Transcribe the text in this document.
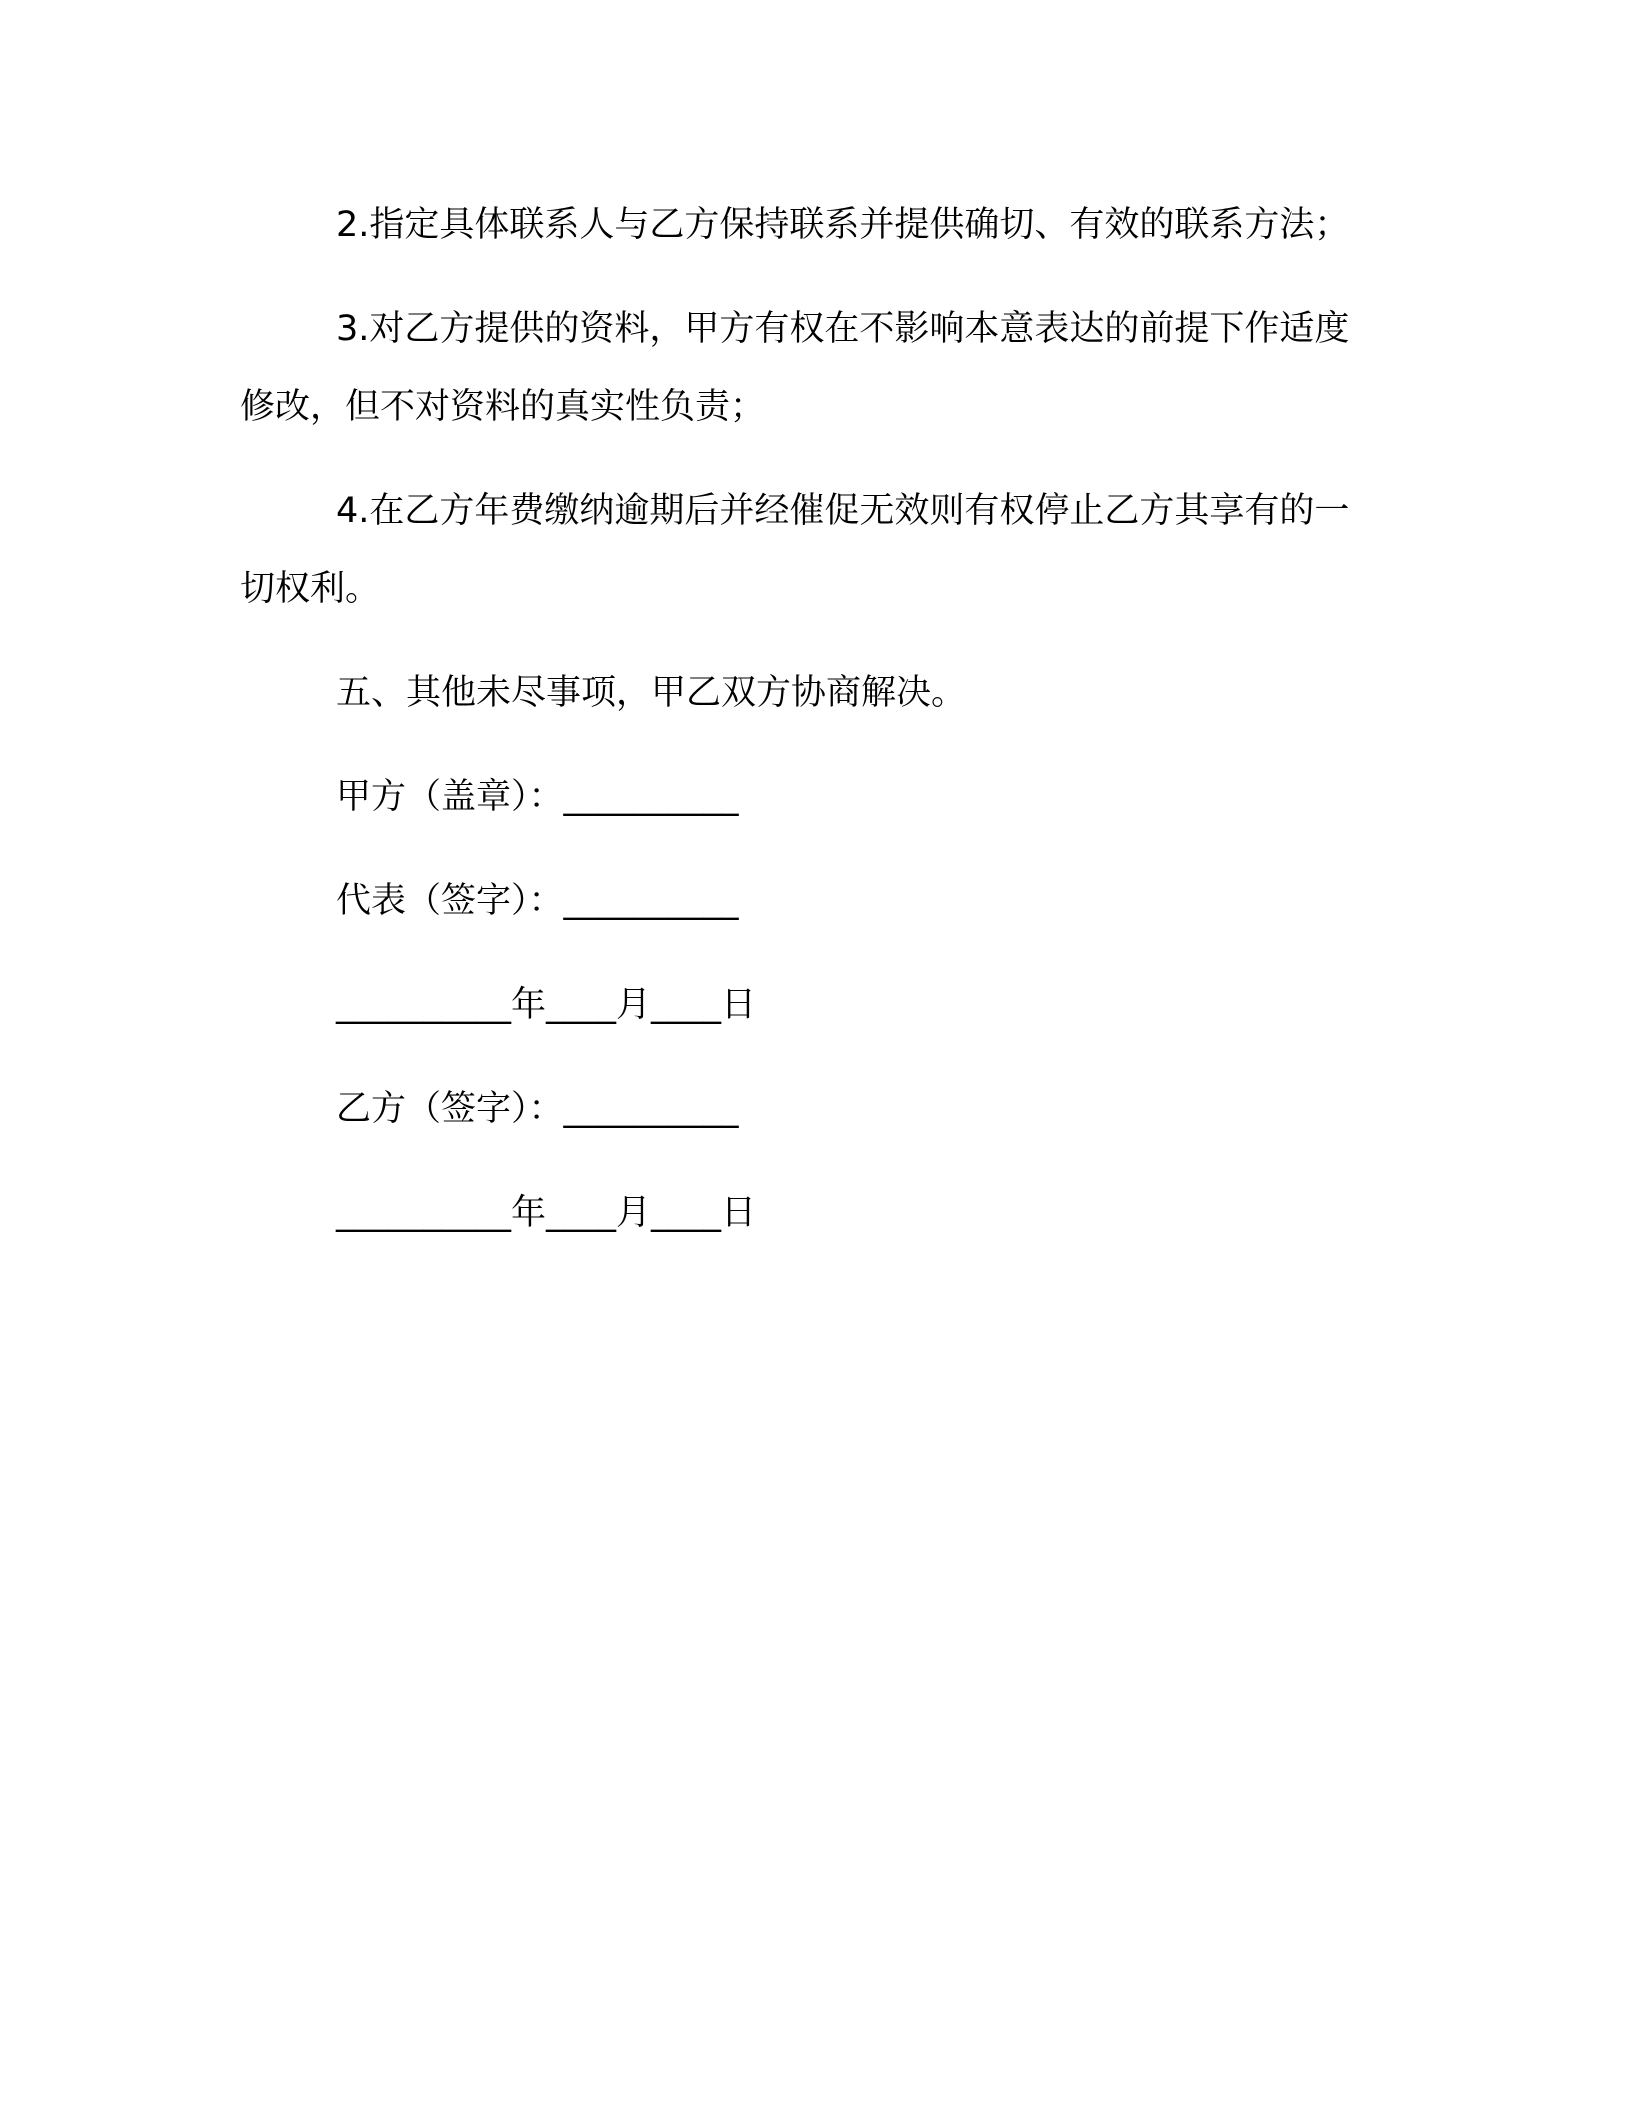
2.指定具体联系人与乙方保持联系并提供确切、有效的联系方法；

3.对乙方提供的资料，甲方有权在不影响本意表达的前提下作适度修改，但不对资料的真实性负责；

4.在乙方年费缴纳逾期后并经催促无效则有权停止乙方其享有的一切权利。

五、其他未尽事项，甲乙双方协商解决。

甲方（盖章）：__________
代表（签字）：__________
__________年____月____日
乙方（签字）：__________
__________年____月____日
